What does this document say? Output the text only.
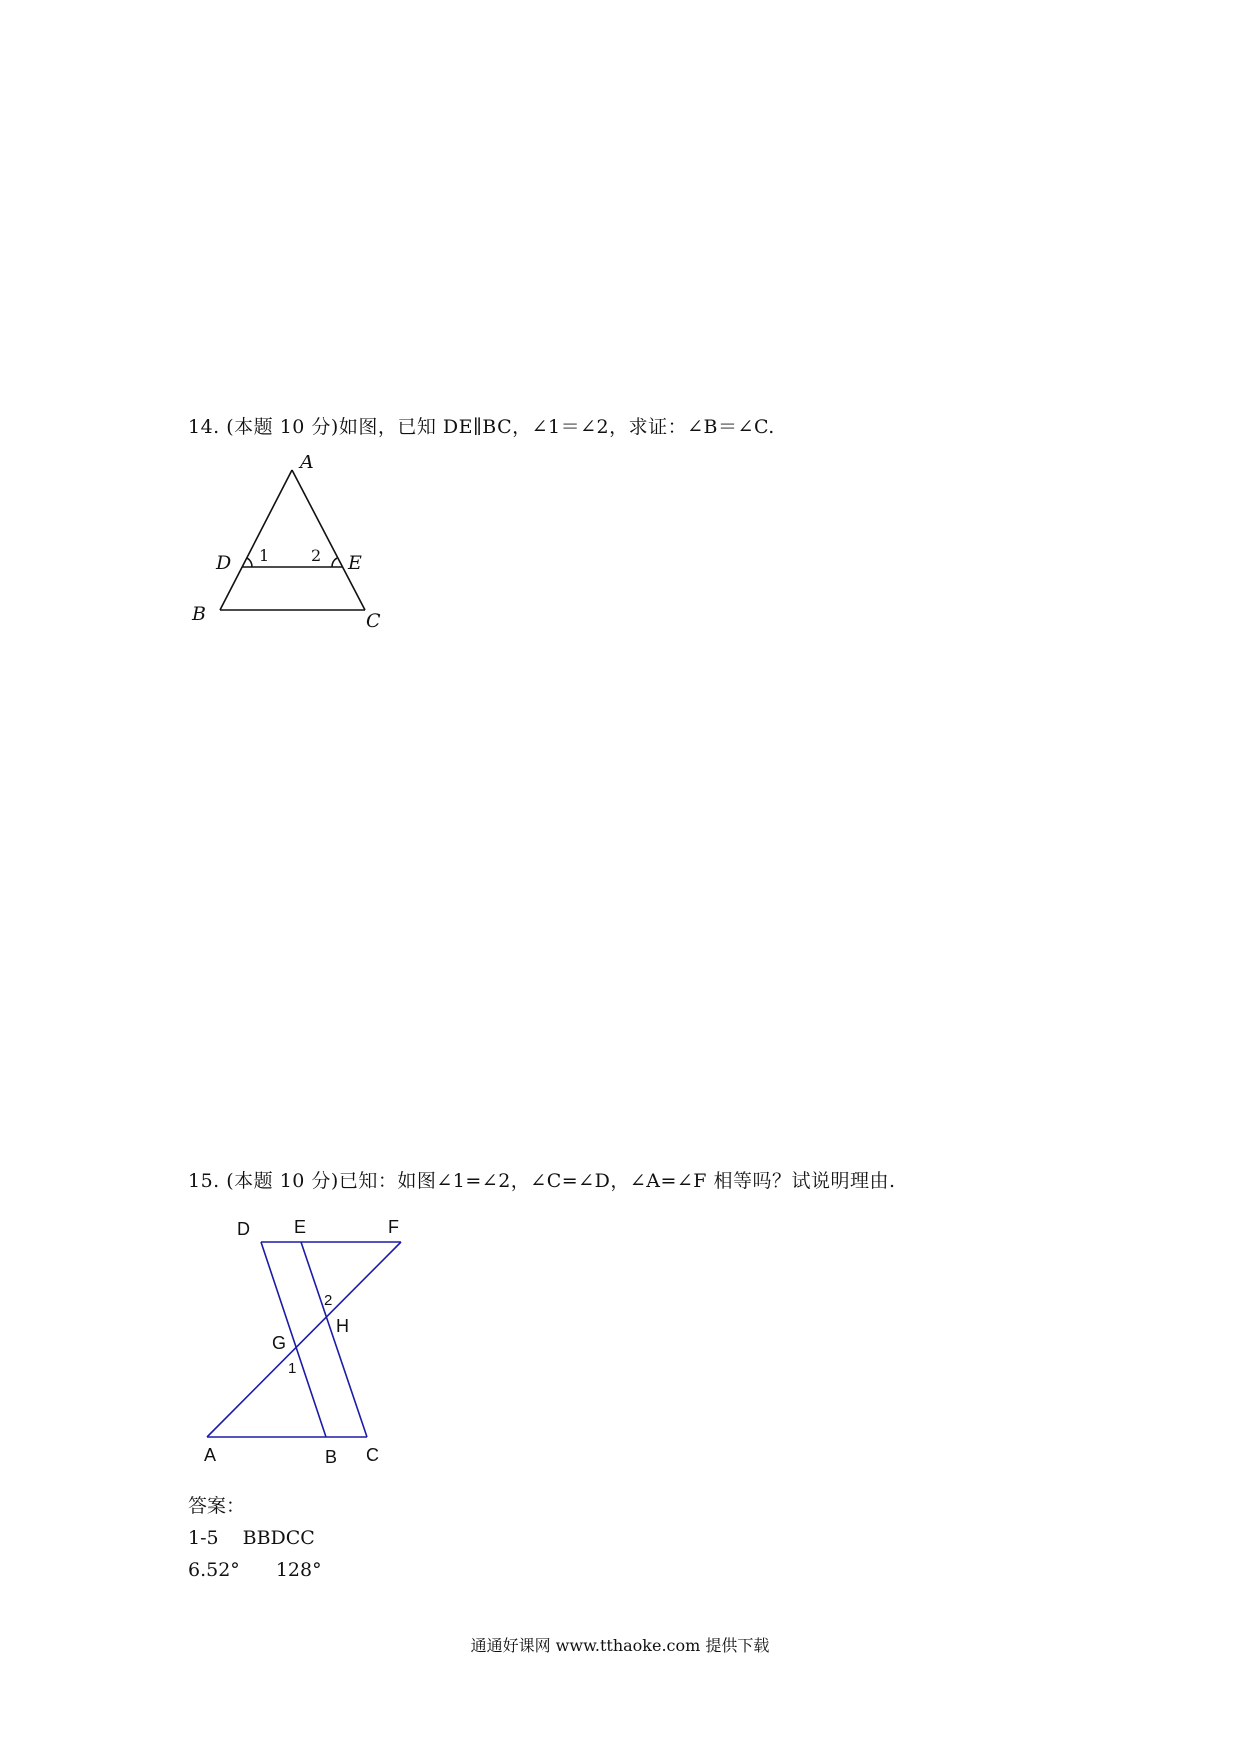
14. (本题 10 分)如图，已知 DE∥BC，∠1＝∠2，求证：∠B＝∠C.
A
D	E
B	C
1	2
15. (本题 10 分)已知：如图∠1=∠2，∠C=∠D，∠A=∠F 相等吗？试说明理由.
D E	F
G
H
A	B C
1
2
答案：
1-5 BBDCC
6.52° 128°
通通好课网 www.tthaoke.com 提供下载
